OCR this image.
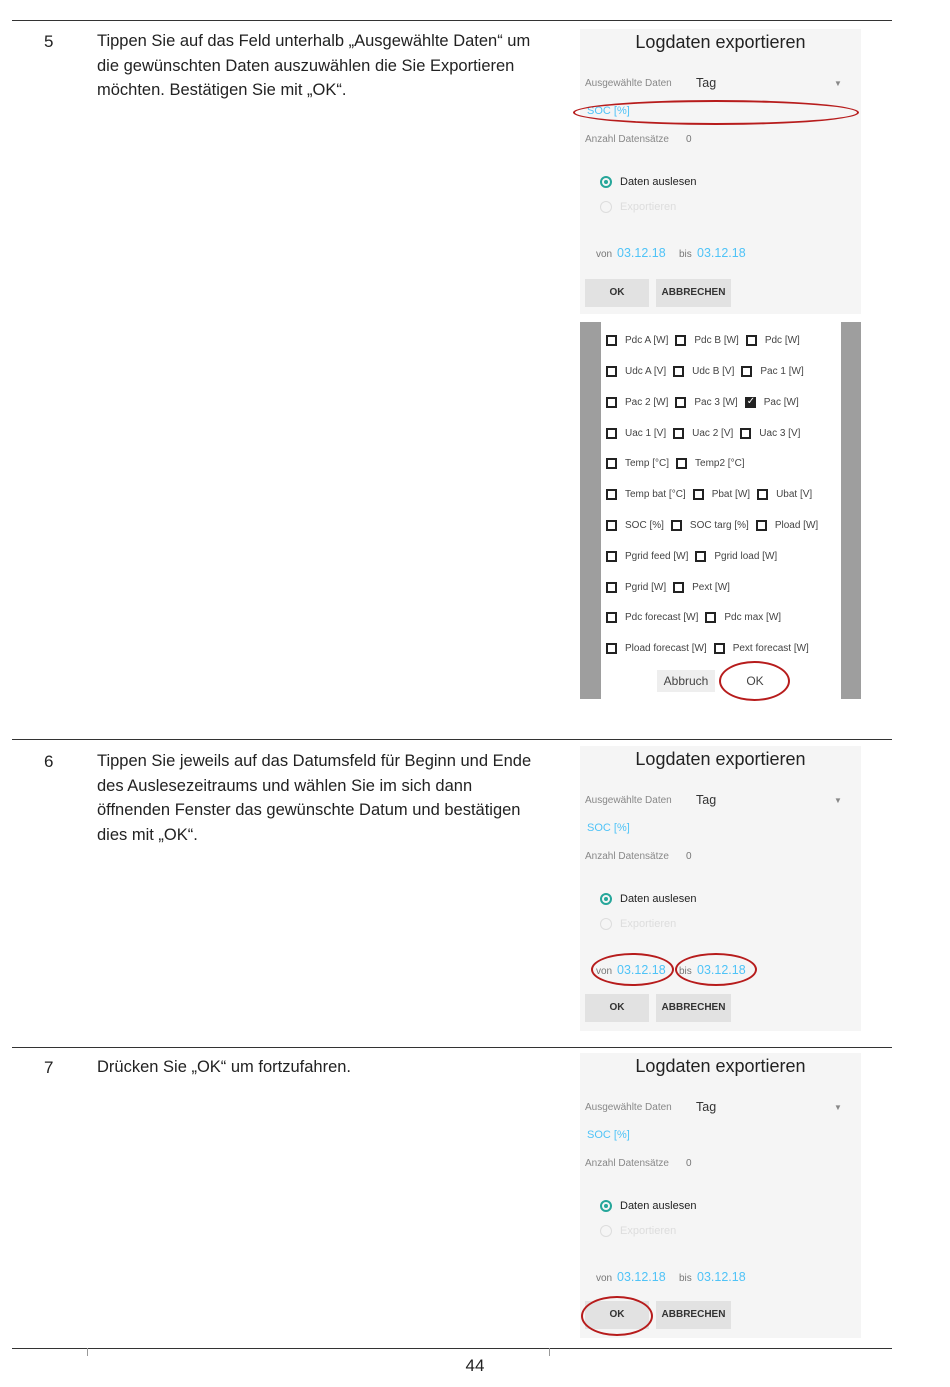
5	Tippen Sie auf das Feld unterhalb „Ausgewählte Daten“ um die gewünschten Daten auszuwählen die Sie Exportieren möchten. Bestätigen Sie mit „OK“.
Logdaten exportieren
Ausgewählte Daten Tag	▼
SOC [%]
Anzahl Datensätze 0
Daten auslesen
Exportieren
von 03.12.18 bis 03.12.18
OK	ABBRECHEN
Pdc A [W]	Pdc B [W]	Pdc [W]
Udc A [V]	Udc B [V]	Pac 1 [W]
Pac 2 [W]	Pac 3 [W]✓	Pac [W]
Uac 1 [V]	Uac 2 [V]	Uac 3 [V]
Temp [°C]	Temp2 [°C]
Temp bat [°C]	Pbat [W]	Ubat [V]
SOC [%]	SOC targ [%]	Pload [W]
Pgrid feed [W]	Pgrid load [W]
Pgrid [W]	Pext [W]
Pdc forecast [W]	Pdc max [W]
Pload forecast [W]	Pext forecast [W]
Abbruch	OK
6	Tippen Sie jeweils auf das Datumsfeld für Beginn und Ende des Auslesezeitraums und wählen Sie im sich dann öffnenden Fenster das gewünschte Datum und bestätigen dies mit „OK“.
Logdaten exportieren
Ausgewählte Daten Tag	▼
SOC [%]
Anzahl Datensätze 0
Daten auslesen
Exportieren
von 03.12.18 bis 03.12.18
OK	ABBRECHEN
7	Drücken Sie „OK“ um fortzufahren.	Logdaten exportieren
Ausgewählte Daten Tag	▼
SOC [%]
Anzahl Datensätze 0
Daten auslesen
Exportieren
von 03.12.18 bis 03.12.18
OK	ABBRECHEN
44
